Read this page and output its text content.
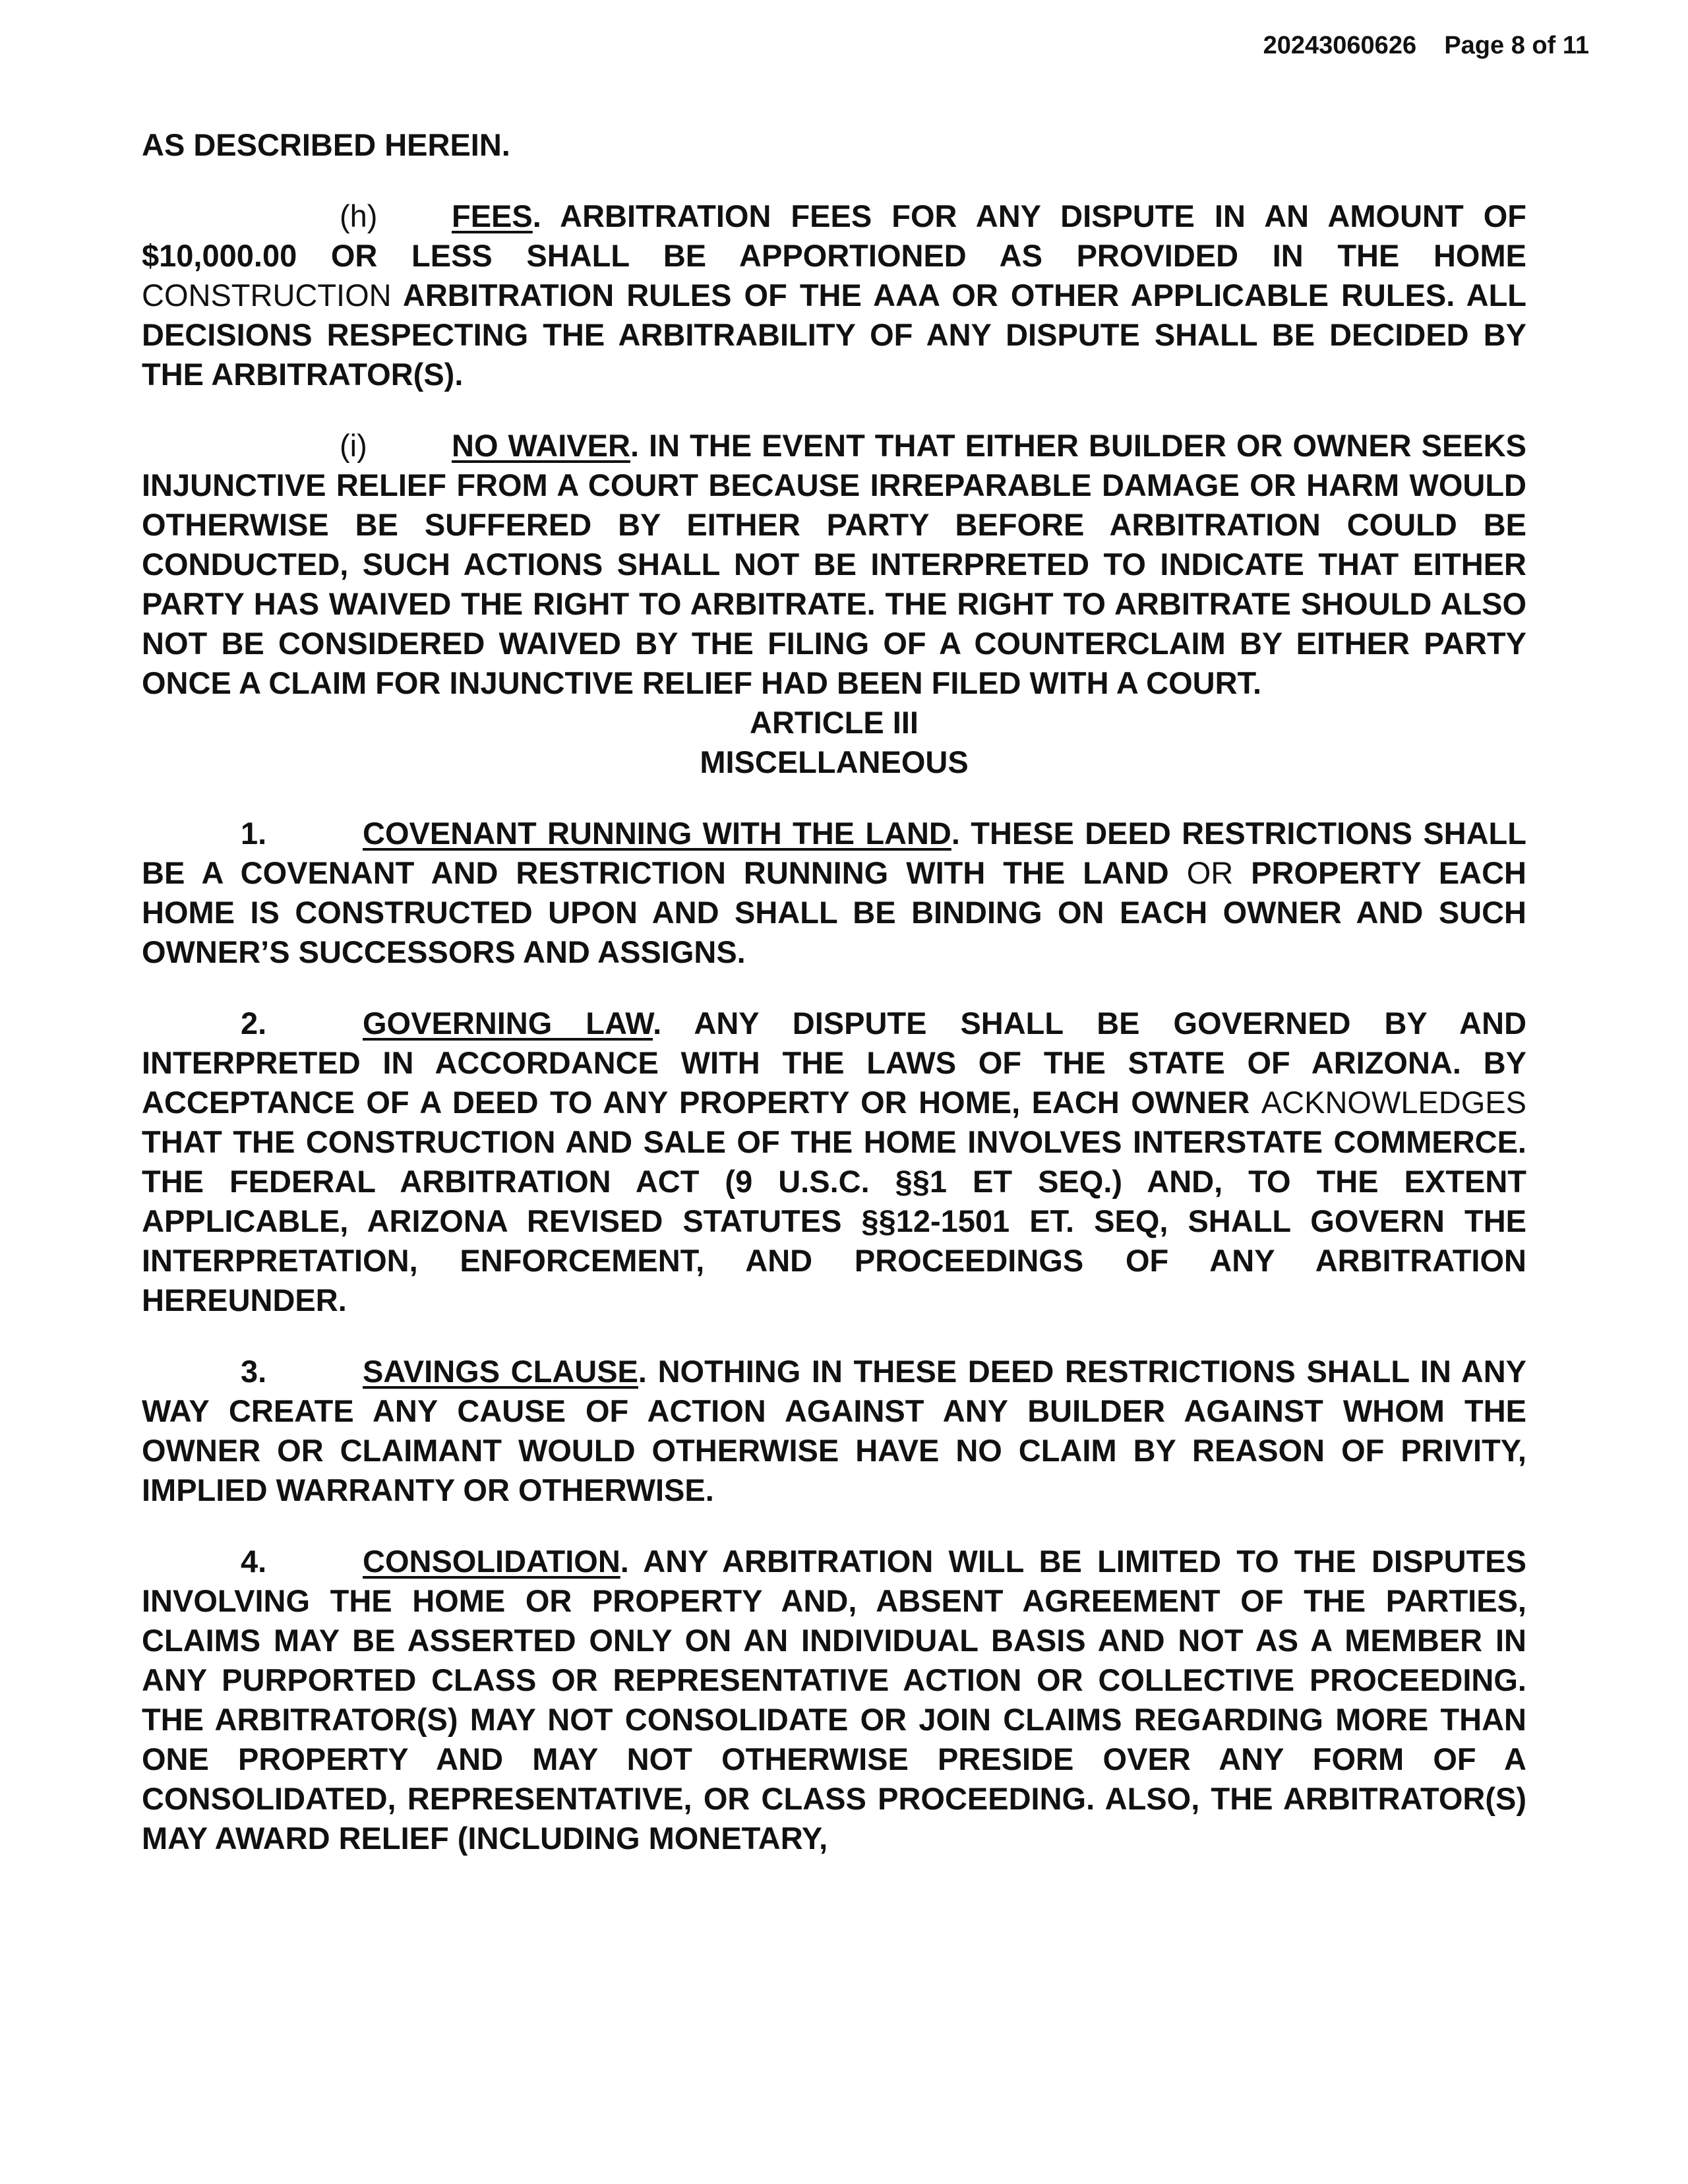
20243060626 Page 8 of 11

AS DESCRIBED HEREIN.

(h) FEES. ARBITRATION FEES FOR ANY DISPUTE IN AN AMOUNT OF $10,000.00 OR LESS SHALL BE APPORTIONED AS PROVIDED IN THE HOME CONSTRUCTION ARBITRATION RULES OF THE AAA OR OTHER APPLICABLE RULES. ALL DECISIONS RESPECTING THE ARBITRABILITY OF ANY DISPUTE SHALL BE DECIDED BY THE ARBITRATOR(S).

(i)	NO WAIVER. IN THE EVENT THAT EITHER BUILDER OR OWNER SEEKS INJUNCTIVE RELIEF FROM A COURT BECAUSE IRREPARABLE DAMAGE OR HARM WOULD OTHERWISE BE SUFFERED BY EITHER PARTY BEFORE ARBITRATION COULD BE CONDUCTED, SUCH ACTIONS SHALL NOT BE INTERPRETED TO INDICATE THAT EITHER PARTY HAS WAIVED THE RIGHT TO ARBITRATE. THE RIGHT TO ARBITRATE SHOULD ALSO NOT BE CONSIDERED WAIVED BY THE FILING OF A COUNTERCLAIM BY EITHER PARTY ONCE A CLAIM FOR INJUNCTIVE RELIEF HAD BEEN FILED WITH A COURT.

ARTICLE III

MISCELLANEOUS

1.	COVENANT RUNNING WITH THE LAND. THESE DEED RESTRICTIONS SHALL BE A COVENANT AND RESTRICTION RUNNING WITH THE LAND OR PROPERTY EACH HOME IS CONSTRUCTED UPON AND SHALL BE BINDING ON EACH OWNER AND SUCH OWNER’S SUCCESSORS AND ASSIGNS.

2.	GOVERNING LAW. ANY DISPUTE SHALL BE GOVERNED BY AND INTERPRETED IN ACCORDANCE WITH THE LAWS OF THE STATE OF ARIZONA. BY ACCEPTANCE OF A DEED TO ANY PROPERTY OR HOME, EACH OWNER ACKNOWLEDGES THAT THE CONSTRUCTION AND SALE OF THE HOME INVOLVES INTERSTATE COMMERCE. THE FEDERAL ARBITRATION ACT (9 U.S.C. §§1 ET SEQ.) AND, TO THE EXTENT APPLICABLE, ARIZONA REVISED STATUTES §§12-1501 ET. SEQ, SHALL GOVERN THE INTERPRETATION, ENFORCEMENT, AND PROCEEDINGS OF ANY ARBITRATION HEREUNDER.

3.	SAVINGS CLAUSE. NOTHING IN THESE DEED RESTRICTIONS SHALL IN ANY WAY CREATE ANY CAUSE OF ACTION AGAINST ANY BUILDER AGAINST WHOM THE OWNER OR CLAIMANT WOULD OTHERWISE HAVE NO CLAIM BY REASON OF PRIVITY, IMPLIED WARRANTY OR OTHERWISE.

4.	CONSOLIDATION. ANY ARBITRATION WILL BE LIMITED TO THE DISPUTES INVOLVING THE HOME OR PROPERTY AND, ABSENT AGREEMENT OF THE PARTIES, CLAIMS MAY BE ASSERTED ONLY ON AN INDIVIDUAL BASIS AND NOT AS A MEMBER IN ANY PURPORTED CLASS OR REPRESENTATIVE ACTION OR COLLECTIVE PROCEEDING. THE ARBITRATOR(S) MAY NOT CONSOLIDATE OR JOIN CLAIMS REGARDING MORE THAN ONE PROPERTY AND MAY NOT OTHERWISE PRESIDE OVER ANY FORM OF A CONSOLIDATED, REPRESENTATIVE, OR CLASS PROCEEDING. ALSO, THE ARBITRATOR(S) MAY AWARD RELIEF (INCLUDING MONETARY,
